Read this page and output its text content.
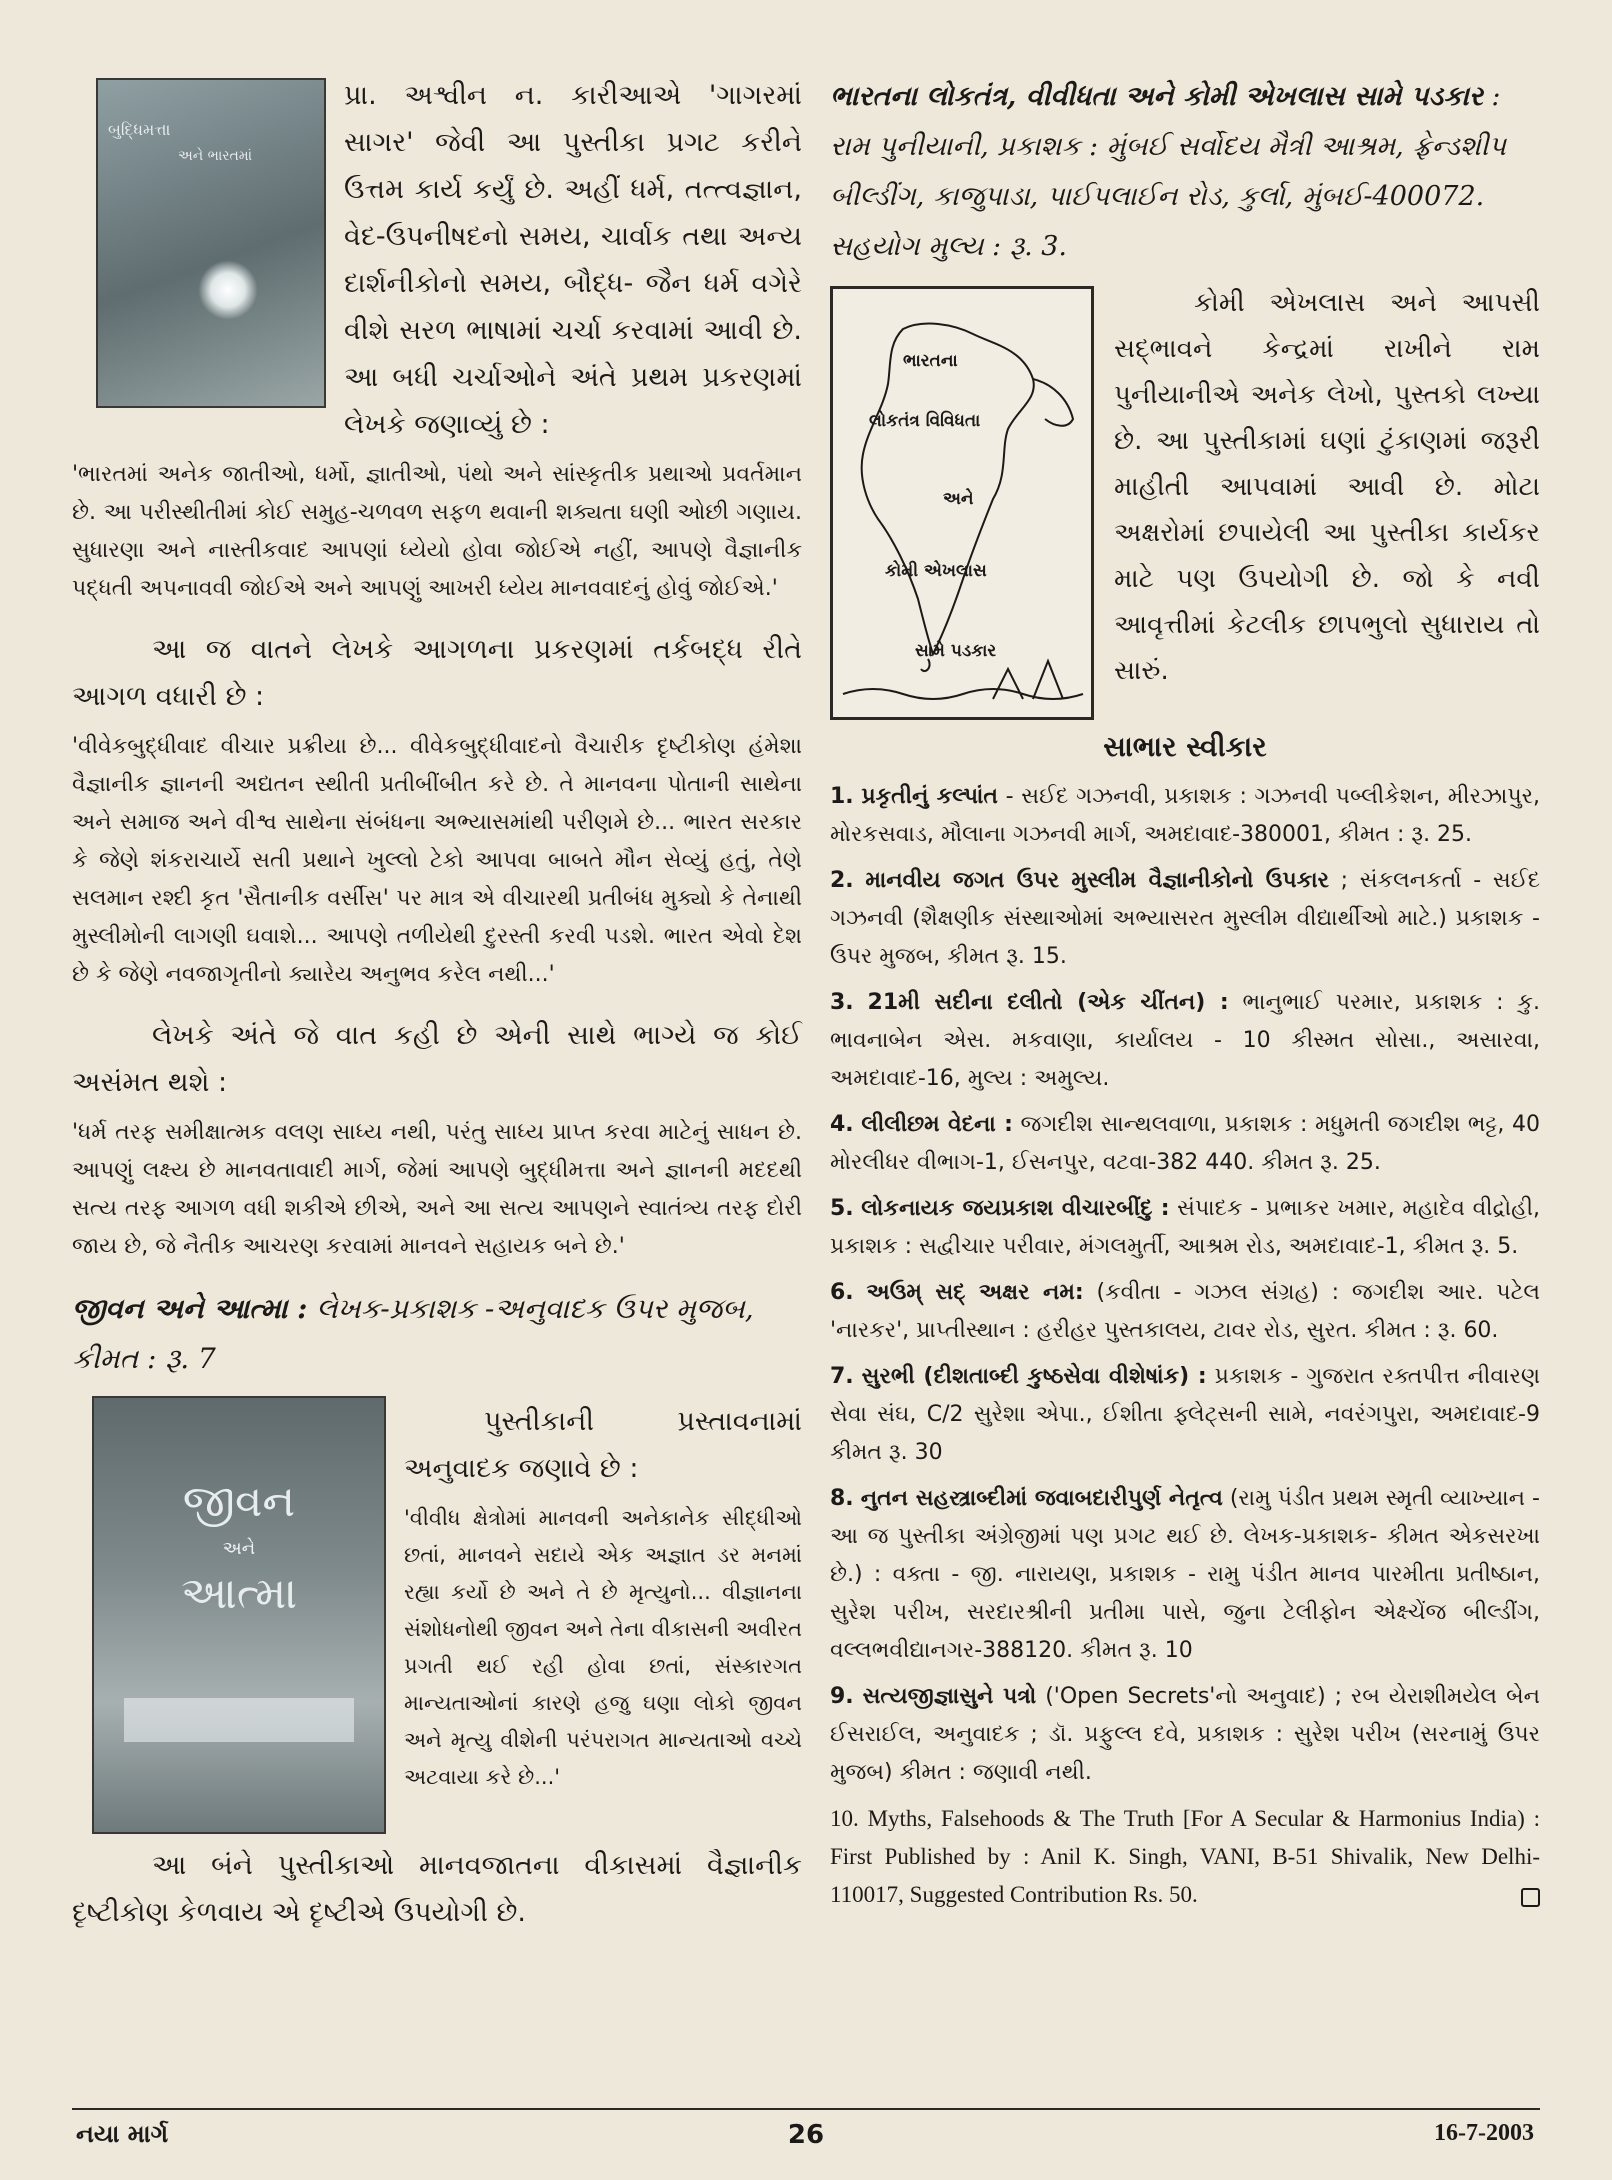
બુદ્ધિમત્તા
અને ભારતમાં

પ્રા. અશ્વીન ન. કારીઆએ 'ગાગરમાં સાગર' જેવી આ પુસ્તીકા પ્રગટ કરીને ઉત્તમ કાર્ય કર્યું છે. અહીં ધર્મ, તત્ત્વજ્ઞાન, વેદ-ઉપનીષદનો સમય, ચાર્વાક તથા અન્ય દાર્શનીકોનો સમય, બૌદ્ધ- જૈન ધર્મ વગેરે વીશે સરળ ભાષામાં ચર્ચા કરવામાં આવી છે. આ બધી ચર્ચાઓને અંતે પ્રથમ પ્રકરણમાં લેખકે જણાવ્યું છે :

'ભારતમાં અનેક જાતીઓ, ધર્મો, જ્ઞાતીઓ, પંથો અને સાંસ્કૃતીક પ્રથાઓ પ્રવર્તમાન છે. આ પરીસ્થીતીમાં કોઈ સમુહ-ચળવળ સફળ થવાની શક્યતા ઘણી ઓછી ગણાય. સુધારણા અને નાસ્તીકવાદ આપણાં ધ્યેયો હોવા જોઈએ નહીં, આપણે વૈજ્ઞાનીક પદ્ધતી અપનાવવી જોઈએ અને આપણું આખરી ધ્યેય માનવવાદનું હોવું જોઈએ.'

આ જ વાતને લેખકે આગળના પ્રકરણમાં તર્કબદ્ધ રીતે આગળ વધારી છે :

'વીવેકબુદ્ધીવાદ વીચાર પ્રક્રીયા છે... વીવેકબુદ્ધીવાદનો વૈચારીક દૃષ્ટીકોણ હંમેશા વૈજ્ઞાનીક જ્ઞાનની અદ્યતન સ્થીતી પ્રતીબીંબીત કરે છે. તે માનવના પોતાની સાથેના અને સમાજ અને વીશ્વ સાથેના સંબંધના અભ્યાસમાંથી પરીણમે છે... ભારત સરકાર કે જેણે શંકરાચાર્યે સતી પ્રથાને ખુલ્લો ટેકો આપવા બાબતે મૌન સેવ્યું હતું, તેણે સલમાન રશ્દી કૃત 'સૈતાનીક વર્સીસ' પર માત્ર એ વીચારથી પ્રતીબંધ મુક્યો કે તેનાથી મુસ્લીમોની લાગણી ઘવાશે... આપણે તળીયેથી દુરસ્તી કરવી પડશે. ભારત એવો દેશ છે કે જેણે નવજાગૃતીનો ક્યારેય અનુભવ કરેલ નથી...'

લેખકે અંતે જે વાત કહી છે એની સાથે ભાગ્યે જ કોઈ અસંમત થશે :

'ધર્મ તરફ સમીક્ષાત્મક વલણ સાધ્ય નથી, પરંતુ સાધ્ય પ્રાપ્ત કરવા માટેનું સાધન છે. આપણું લક્ષ્ય છે માનવતાવાદી માર્ગ, જેમાં આપણે બુદ્ધીમત્તા અને જ્ઞાનની મદદથી સત્ય તરફ આગળ વધી શકીએ છીએ, અને આ સત્ય આપણને સ્વાતંત્ર્ય તરફ દોરી જાય છે, જે નૈતીક આચરણ કરવામાં માનવને સહાયક બને છે.'

જીવન અને આત્મા : લેખક-પ્રકાશક -અનુવાદક ઉપર મુજબ, કીમત : રૂ. 7

જીવન
અને
આત્મા

પુસ્તીકાની પ્રસ્તાવનામાં અનુવાદક જણાવે છે :

'વીવીધ ક્ષેત્રોમાં માનવની અનેકાનેક સીદ્ધીઓ છતાં, માનવને સદાયે એક અજ્ઞાત ડર મનમાં રહ્યા કર્યો છે અને તે છે મૃત્યુનો... વીજ્ઞાનના સંશોધનોથી જીવન અને તેના વીકાસની અવીરત પ્રગતી થઈ રહી હોવા છતાં, સંસ્કારગત માન્યતાઓનાં કારણે હજુ ઘણા લોકો જીવન અને મૃત્યુ વીશેની પરંપરાગત માન્યતાઓ વચ્ચે અટવાયા કરે છે...'

આ બંને પુસ્તીકાઓ માનવજાતના વીકાસમાં વૈજ્ઞાનીક દૃષ્ટીકોણ કેળવાય એ દૃષ્ટીએ ઉપયોગી છે.

ભારતના લોકતંત્ર, વીવીધતા અને કોમી એખલાસ સામે પડકાર : રામ પુનીયાની, પ્રકાશક : મુંબઈ સર્વોદય મૈત્રી આશ્રમ, ફ્રેન્ડશીપ બીલ્ડીંગ, કાજુપાડા, પાઈપલાઈન રોડ, કુર્લા, મુંબઈ-400072. સહયોગ મુલ્ય : રૂ. 3.

ભારતના
લોકતંત્ર વિવિધતા
અને
કોમી એખલાસ
સામે પડકાર

કોમી એખલાસ અને આપસી સદ્ભાવને કેન્દ્રમાં રાખીને રામ પુનીયાનીએ અનેક લેખો, પુસ્તકો લખ્યા છે. આ પુસ્તીકામાં ઘણાં ટુંકાણમાં જરૂરી માહીતી આપવામાં આવી છે. મોટા અક્ષરોમાં છપાયેલી આ પુસ્તીકા કાર્યકર માટે પણ ઉપયોગી છે. જો કે નવી આવૃત્તીમાં કેટલીક છાપભુલો સુધારાય તો સારું.

સાભાર સ્વીકાર
1. પ્રકૃતીનું કલ્પાંત - સઈદ ગઝનવી, પ્રકાશક : ગઝનવી પબ્લીકેશન, મીરઝાપુર, મોરકસવાડ, મૌલાના ગઝનવી માર્ગ, અમદાવાદ-380001, કીમત : રૂ. 25.
2. માનવીય જગત ઉપર મુસ્લીમ વૈજ્ઞાનીકોનો ઉપકાર ; સંકલનકર્તા - સઈદ ગઝનવી (શૈક્ષણીક સંસ્થાઓમાં અભ્યાસરત મુસ્લીમ વીદ્યાર્થીઓ માટે.) પ્રકાશક - ઉપર મુજબ, કીમત રૂ. 15.
3. 21મી સદીના દલીતો (એક ચીંતન) : ભાનુભાઈ પરમાર, પ્રકાશક : કુ. ભાવનાબેન એસ. મકવાણા, કાર્યાલય - 10 કીસ્મત સોસા., અસારવા, અમદાવાદ-16, મુલ્ય : અમુલ્ય.
4. લીલીછમ વેદના : જગદીશ સાન્થલવાળા, પ્રકાશક : મધુમતી જગદીશ ભટ્ટ, 40 મોરલીધર વીભાગ-1, ઈસનપુર, વટવા-382 440. કીમત રૂ. 25.
5. લોકનાયક જયપ્રકાશ વીચારબીંદુ : સંપાદક - પ્રભાકર ખમાર, મહાદેવ વીદ્રોહી, પ્રકાશક : સદ્વીચાર પરીવાર, મંગલમુર્તી, આશ્રમ રોડ, અમદાવાદ-1, કીમત રૂ. 5.
6. અઉમ્ સદ્ અક્ષર નમ: (કવીતા - ગઝલ સંગ્રહ) : જગદીશ આર. પટેલ 'નારકર', પ્રાપ્તીસ્થાન : હરીહર પુસ્તકાલય, ટાવર રોડ, સુરત. કીમત : રૂ. 60.
7. સુરભી (દીશતાબ્દી કુષ્ઠસેવા વીશેષાંક) : પ્રકાશક - ગુજરાત રક્તપીત્ત નીવારણ સેવા સંઘ, C/2 સુરેશા એપા., ઈશીતા ફ્લેટ્સની સામે, નવરંગપુરા, અમદાવાદ-9 કીમત રૂ. 30
8. નુતન સહસ્ત્રાબ્દીમાં જવાબદારીપુર્ણ નેતૃત્વ (રામુ પંડીત પ્રથમ સ્મૃતી વ્યાખ્યાન - આ જ પુસ્તીકા અંગ્રેજીમાં પણ પ્રગટ થઈ છે. લેખક-પ્રકાશક- કીમત એકસરખા છે.) : વક્તા - જી. નારાયણ, પ્રકાશક - રામુ પંડીત માનવ પારમીતા પ્રતીષ્ઠાન, સુરેશ પરીખ, સરદારશ્રીની પ્રતીમા પાસે, જુના ટેલીફોન એક્ષ્ચેંજ બીલ્ડીંગ, વલ્લભવીદ્યાનગર-388120. કીમત રૂ. 10
9. સત્યજીજ્ઞાસુને પત્રો ('Open Secrets'નો અનુવાદ) ; રબ યેરાશીમયેલ બેન ઈસરાઈલ, અનુવાદક ; ડૉ. પ્રફુલ્લ દવે, પ્રકાશક : સુરેશ પરીખ (સરનામું ઉપર મુજબ) કીમત : જણાવી નથી.

10. Myths, Falsehoods & The Truth [For A Secular & Harmonius India) : First Published by : Anil K. Singh, VANI, B-51 Shivalik, New Delhi- 110017, Suggested Contribution Rs. 50.

નયા માર્ગ	26	16-7-2003
